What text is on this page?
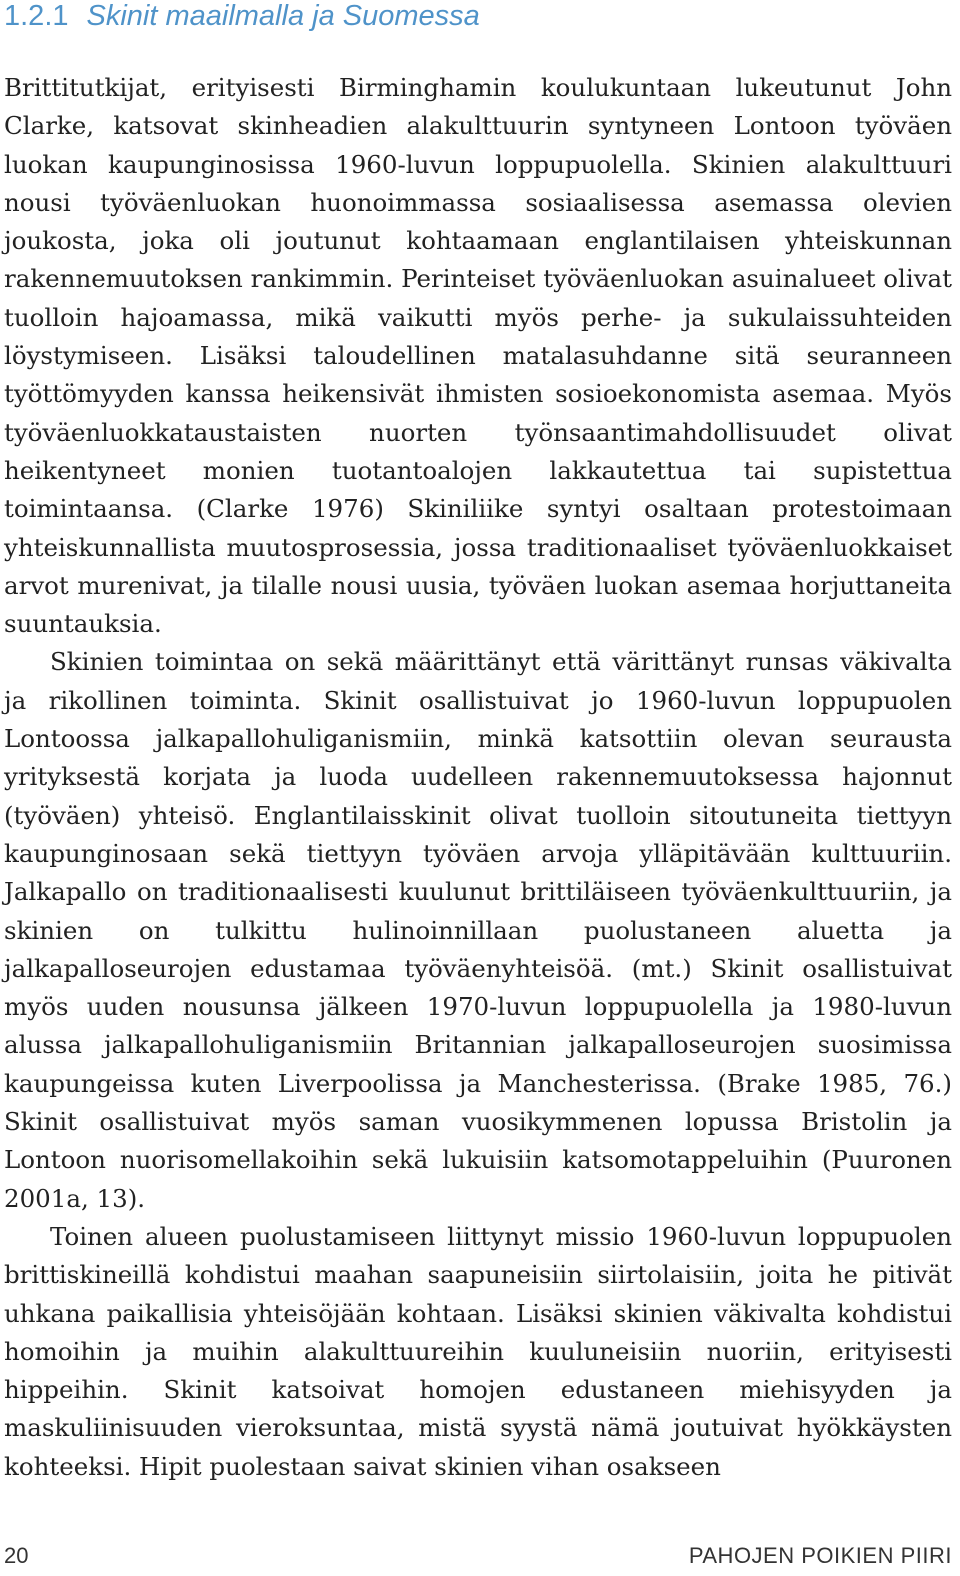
1.2.1 Skinit maailmalla ja Suomessa

Brittitutkijat, erityisesti Birminghamin koulukuntaan lukeutunut John Clarke, katsovat skinheadien alakulttuurin syntyneen Lontoon työväen luokan kaupunginosissa 1960-luvun loppupuolella. Skinien alakulttuuri nousi työväenluokan huonoimmassa sosiaalisessa asemassa olevien joukosta, joka oli joutunut kohtaamaan englantilaisen yhteiskunnan rakennemuutoksen rankimmin. Perinteiset työväenluokan asuinalueet olivat tuolloin hajoamassa, mikä vaikutti myös perhe- ja sukulaissuhteiden löystymiseen. Lisäksi taloudellinen matalasuhdanne sitä seuranneen työttömyyden kanssa heikensivät ihmisten sosioekonomista asemaa. Myös työväenluokkataustaisten nuorten työnsaantimahdollisuudet olivat heikentyneet monien tuotantoalojen lakkautettua tai supistettua toimintaansa. (Clarke 1976) Skiniliike syntyi osaltaan protestoimaan yhteiskunnallista muutosprosessia, jossa traditionaaliset työväenluokkaiset arvot murenivat, ja tilalle nousi uusia, työväen luokan asemaa horjuttaneita suuntauksia.

Skinien toimintaa on sekä määrittänyt että värittänyt runsas väkivalta ja rikollinen toiminta. Skinit osallistuivat jo 1960-luvun loppupuolen Lontoossa jalkapallohuliganismiin, minkä katsottiin olevan seurausta yrityksestä korjata ja luoda uudelleen rakennemuutoksessa hajonnut (työväen) yhteisö. Englantilaisskinit olivat tuolloin sitoutuneita tiettyyn kaupunginosaan sekä tiettyyn työväen arvoja ylläpitävään kulttuuriin. Jalkapallo on traditionaalisesti kuulunut brittiläiseen työväenkulttuuriin, ja skinien on tulkittu hulinoinnillaan puolustaneen aluetta ja jalkapalloseurojen edustamaa työväenyhteisöä. (mt.) Skinit osallistuivat myös uuden nousunsa jälkeen 1970-luvun loppupuolella ja 1980-luvun alussa jalkapallohuliganismiin Britannian jalkapalloseurojen suosimissa kaupungeissa kuten Liverpoolissa ja Manchesterissa. (Brake 1985, 76.) Skinit osallistuivat myös saman vuosikymmenen lopussa Bristolin ja Lontoon nuorisomellakoihin sekä lukuisiin katsomotappeluihin (Puuronen 2001a, 13).

Toinen alueen puolustamiseen liittynyt missio 1960-luvun loppupuolen brittiskineillä kohdistui maahan saapuneisiin siirtolaisiin, joita he pitivät uhkana paikallisia yhteisöjään kohtaan. Lisäksi skinien väkivalta kohdistui homoihin ja muihin alakulttuureihin kuuluneisiin nuoriin, erityisesti hippeihin. Skinit katsoivat homojen edustaneen miehisyyden ja maskuliinisuuden vieroksuntaa, mistä syystä nämä joutuivat hyökkäysten kohteeksi. Hipit puolestaan saivat skinien vihan osakseen

20	PAHOJEN POIKIEN PIIRI
